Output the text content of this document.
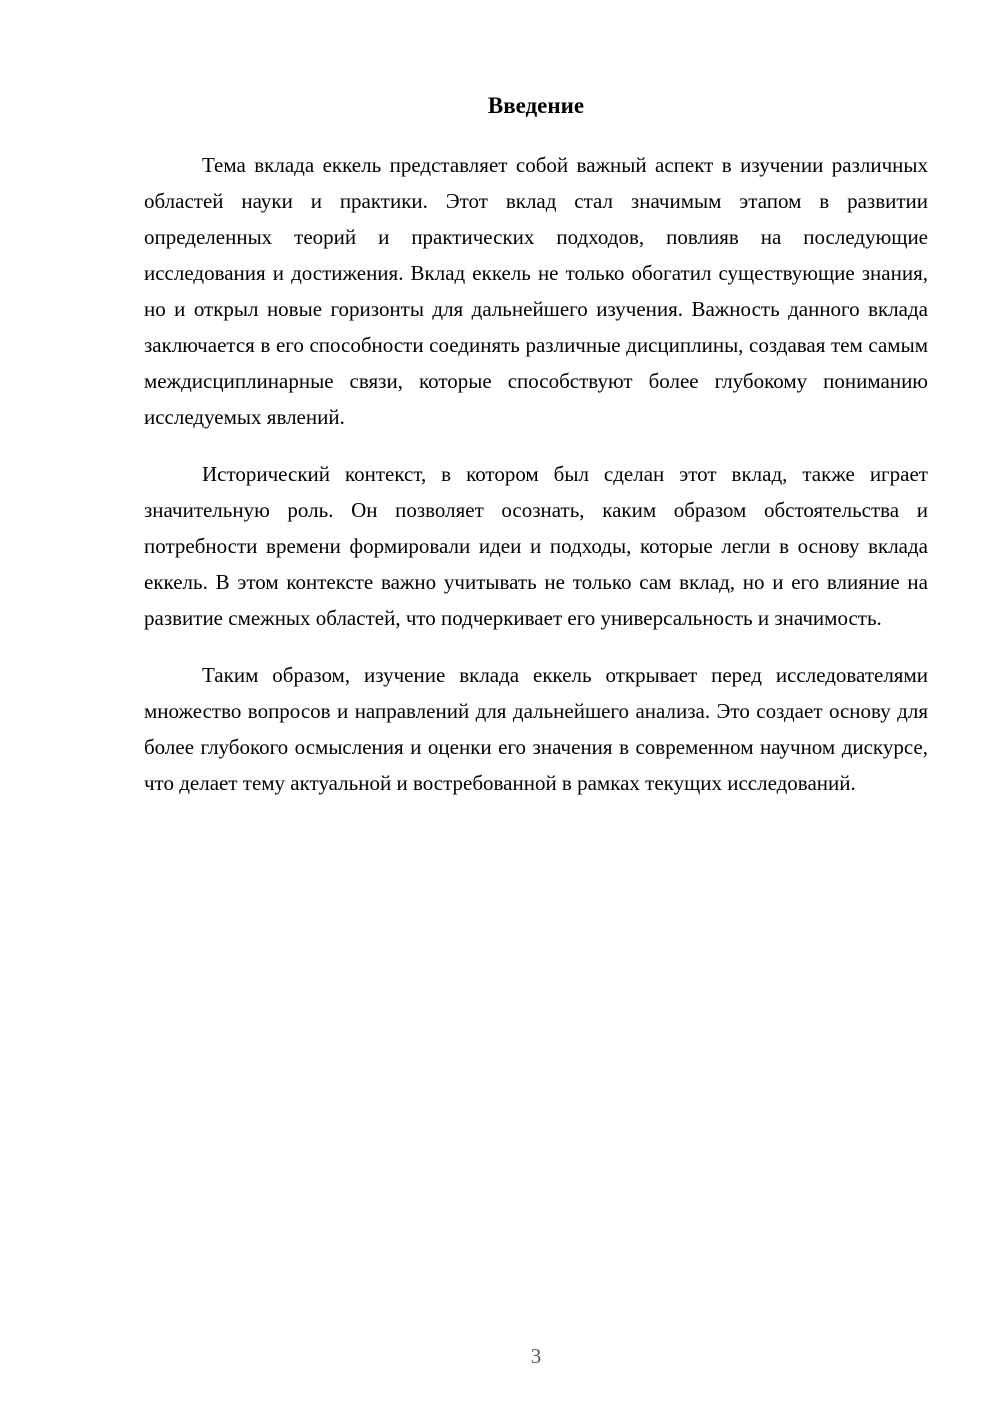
Введение

Тема вклада еккель представляет собой важный аспект в изучении различных областей науки и практики. Этот вклад стал значимым этапом в развитии определенных теорий и практических подходов, повлияв на последующие исследования и достижения. Вклад еккель не только обогатил существующие знания, но и открыл новые горизонты для дальнейшего изучения. Важность данного вклада заключается в его способности соединять различные дисциплины, создавая тем самым междисциплинарные связи, которые способствуют более глубокому пониманию исследуемых явлений.

Исторический контекст, в котором был сделан этот вклад, также играет значительную роль. Он позволяет осознать, каким образом обстоятельства и потребности времени формировали идеи и подходы, которые легли в основу вклада еккель. В этом контексте важно учитывать не только сам вклад, но и его влияние на развитие смежных областей, что подчеркивает его универсальность и значимость.

Таким образом, изучение вклада еккель открывает перед исследователями множество вопросов и направлений для дальнейшего анализа. Это создает основу для более глубокого осмысления и оценки его значения в современном научном дискурсе, что делает тему актуальной и востребованной в рамках текущих исследований.

3
